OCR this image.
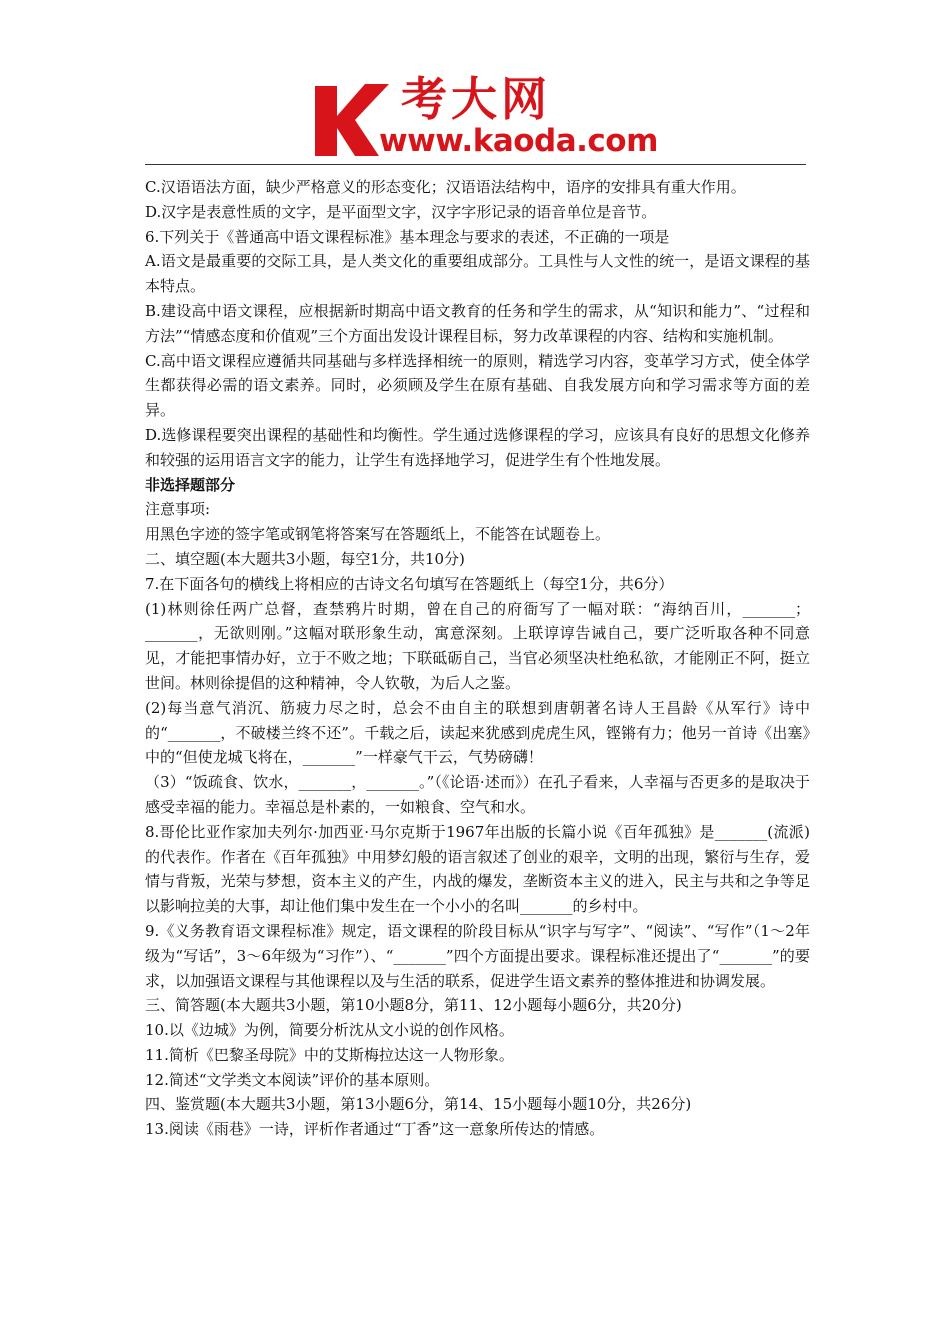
考大网
www.kaoda.com

C.汉语语法方面，缺少严格意义的形态变化；汉语语法结构中，语序的安排具有重大作用。

D.汉字是表意性质的文字，是平面型文字，汉字字形记录的语音单位是音节。

6.下列关于《普通高中语文课程标准》基本理念与要求的表述，不正确的一项是

A.语文是最重要的交际工具，是人类文化的重要组成部分。工具性与人文性的统一，是语文课程的基本特点。

B.建设高中语文课程，应根据新时期高中语文教育的任务和学生的需求，从“知识和能力”、“过程和方法”“情感态度和价值观”三个方面出发设计课程目标，努力改革课程的内容、结构和实施机制。

C.高中语文课程应遵循共同基础与多样选择相统一的原则，精选学习内容，变革学习方式，使全体学生都获得必需的语文素养。同时，必须顾及学生在原有基础、自我发展方向和学习需求等方面的差异。

D.选修课程要突出课程的基础性和均衡性。学生通过选修课程的学习，应该具有良好的思想文化修养和较强的运用语言文字的能力，让学生有选择地学习，促进学生有个性地发展。

非选择题部分

注意事项:

用黑色字迹的签字笔或钢笔将答案写在答题纸上，不能答在试题卷上。

二、填空题(本大题共3小题，每空1分，共10分)

7.在下面各句的横线上将相应的古诗文名句填写在答题纸上（每空1分，共6分）

(1)林则徐任两广总督，查禁鸦片时期，曾在自己的府衙写了一幅对联：“海纳百川，_______；_______，无欲则刚。”这幅对联形象生动，寓意深刻。上联谆谆告诫自己，要广泛听取各种不同意见，才能把事情办好，立于不败之地；下联砥砺自己，当官必须坚决杜绝私欲，才能刚正不阿，挺立世间。林则徐提倡的这种精神，令人钦敬，为后人之鉴。

(2)每当意气消沉、筋疲力尽之时，总会不由自主的联想到唐朝著名诗人王昌龄《从军行》诗中的“_______，不破楼兰终不还”。千载之后，读起来犹感到虎虎生风，铿锵有力；他另一首诗《出塞》中的“但使龙城飞将在，_______”一样豪气干云，气势磅礴！

（3）“饭疏食、饮水，_______，_______。”（《论语·述而》）在孔子看来，人幸福与否更多的是取决于感受幸福的能力。幸福总是朴素的，一如粮食、空气和水。

8.哥伦比亚作家加夫列尔·加西亚·马尔克斯于1967年出版的长篇小说《百年孤独》是_______(流派)的代表作。作者在《百年孤独》中用梦幻般的语言叙述了创业的艰辛，文明的出现，繁衍与生存，爱情与背叛，光荣与梦想，资本主义的产生，内战的爆发，垄断资本主义的进入，民主与共和之争等足以影响拉美的大事，却让他们集中发生在一个小小的名叫_______的乡村中。

9.《义务教育语文课程标准》规定，语文课程的阶段目标从“识字与写字”、“阅读”、“写作”（1～2年级为“写话”，3～6年级为“习作”）、“_______”四个方面提出要求。课程标准还提出了“_______”的要求，以加强语文课程与其他课程以及与生活的联系，促进学生语文素养的整体推进和协调发展。

三、简答题(本大题共3小题，第10小题8分，第11、12小题每小题6分，共20分)

10.以《边城》为例，简要分析沈从文小说的创作风格。

11.简析《巴黎圣母院》中的艾斯梅拉达这一人物形象。

12.简述“文学类文本阅读”评价的基本原则。

四、鉴赏题(本大题共3小题，第13小题6分，第14、15小题每小题10分，共26分)

13.阅读《雨巷》一诗，评析作者通过“丁香”这一意象所传达的情感。
